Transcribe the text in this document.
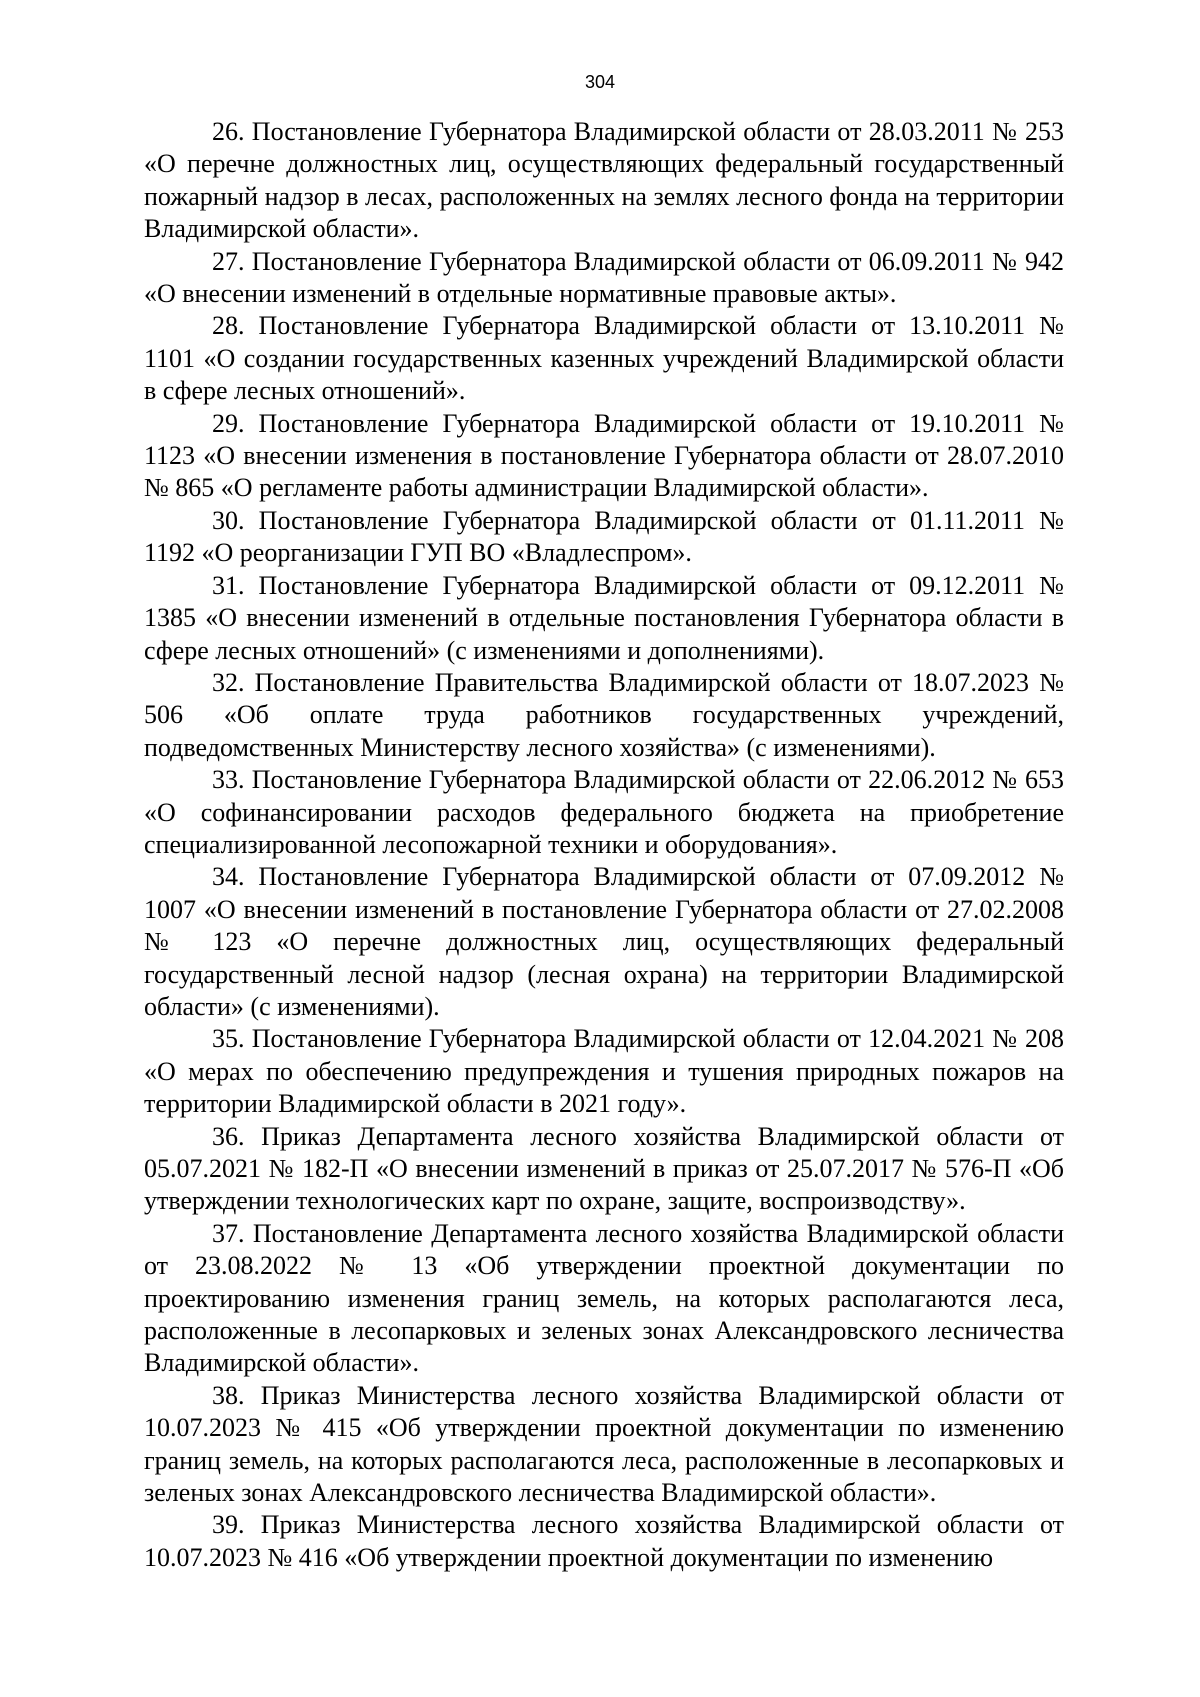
304

26. Постановление Губернатора Владимирской области от 28.03.2011 № 253 «О перечне должностных лиц, осуществляющих федеральный государственный пожарный надзор в лесах, расположенных на землях лесного фонда на территории Владимирской области».

27. Постановление Губернатора Владимирской области от 06.09.2011 № 942 «О внесении изменений в отдельные нормативные правовые акты».

28. Постановление Губернатора Владимирской области от 13.10.2011 № 1101 «О создании государственных казенных учреждений Владимирской области в сфере лесных отношений».

29. Постановление Губернатора Владимирской области от 19.10.2011 № 1123 «О внесении изменения в постановление Губернатора области от 28.07.2010 № 865 «О регламенте работы администрации Владимирской области».

30. Постановление Губернатора Владимирской области от 01.11.2011 № 1192 «О реорганизации ГУП ВО «Владлеспром».

31. Постановление Губернатора Владимирской области от 09.12.2011 № 1385 «О внесении изменений в отдельные постановления Губернатора области в сфере лесных отношений» (с изменениями и дополнениями).

32. Постановление Правительства Владимирской области от 18.07.2023 № 506 «Об оплате труда работников государственных учреждений, подведомственных Министерству лесного хозяйства» (с изменениями).

33. Постановление Губернатора Владимирской области от 22.06.2012 № 653 «О софинансировании расходов федерального бюджета на приобретение специализированной лесопожарной техники и оборудования».

34. Постановление Губернатора Владимирской области от 07.09.2012 № 1007 «О внесении изменений в постановление Губернатора области от 27.02.2008 № 123 «О перечне должностных лиц, осуществляющих федеральный государственный лесной надзор (лесная охрана) на территории Владимирской области» (с изменениями).

35. Постановление Губернатора Владимирской области от 12.04.2021 № 208 «О мерах по обеспечению предупреждения и тушения природных пожаров на территории Владимирской области в 2021 году».

36. Приказ Департамента лесного хозяйства Владимирской области от 05.07.2021 № 182-П «О внесении изменений в приказ от 25.07.2017 № 576-П «Об утверждении технологических карт по охране, защите, воспроизводству».

37. Постановление Департамента лесного хозяйства Владимирской области от 23.08.2022 № 13 «Об утверждении проектной документации по проектированию изменения границ земель, на которых располагаются леса, расположенные в лесопарковых и зеленых зонах Александровского лесничества Владимирской области».

38. Приказ Министерства лесного хозяйства Владимирской области от 10.07.2023 № 415 «Об утверждении проектной документации по изменению границ земель, на которых располагаются леса, расположенные в лесопарковых и зеленых зонах Александровского лесничества Владимирской области».

39. Приказ Министерства лесного хозяйства Владимирской области от 10.07.2023 № 416 «Об утверждении проектной документации по изменению
